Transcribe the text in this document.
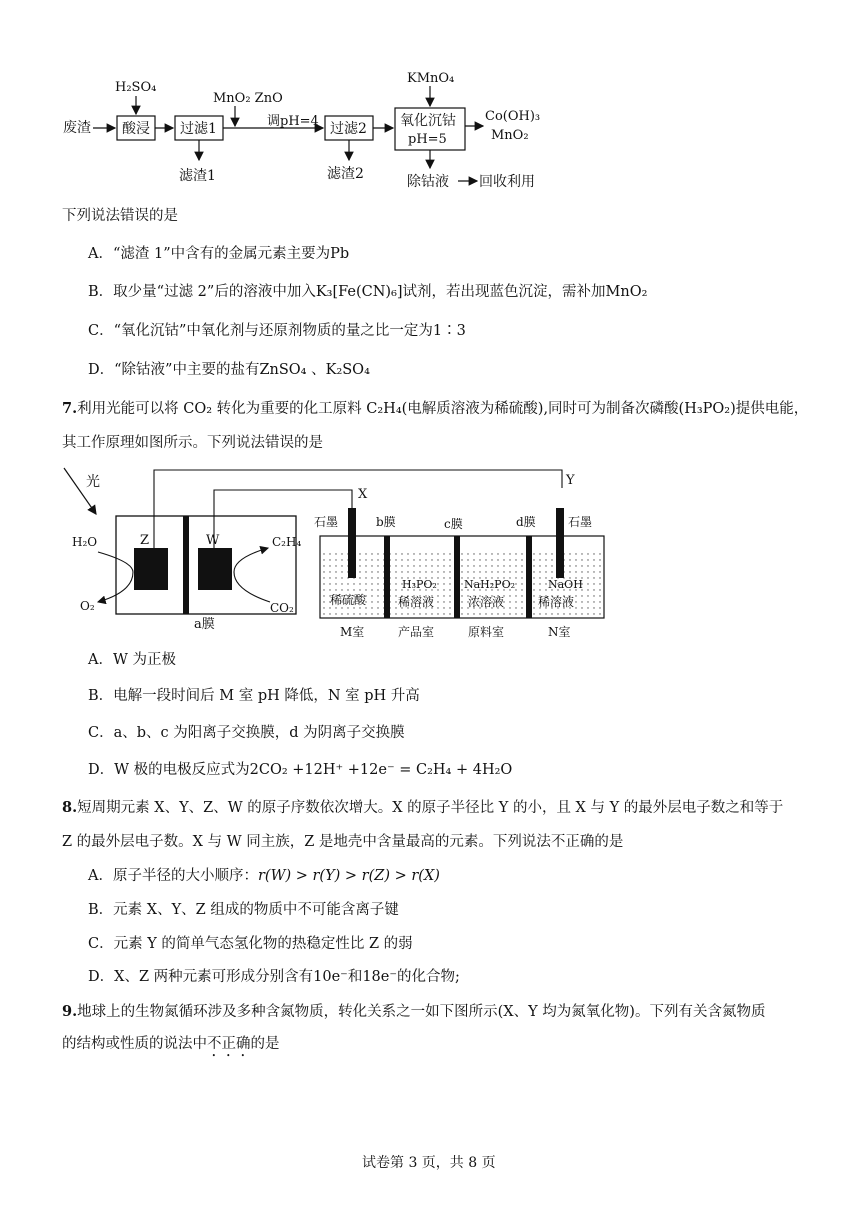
废渣 酸浸
H₂SO₄
过滤1
滤渣1
MnO₂ ZnO
调pH=4 过滤2
滤渣2
氧化沉钴
pH=5
KMnO₄
Co(OH)₃
MnO₂
除钴液 回收利用
下列说法错误的是
A．“滤渣 1”中含有的金属元素主要为Pb
B．取少量“过滤 2”后的溶液中加入K₃[Fe(CN)₆]试剂，若出现蓝色沉淀，需补加MnO₂
C．“氧化沉钴”中氧化剂与还原剂物质的量之比一定为1∶3
D．“除钴液”中主要的盐有ZnSO₄ 、K₂SO₄
7.利用光能可以将 CO₂ 转化为重要的化工原料 C₂H₄(电解质溶液为稀硫酸),同时可为制备次磷酸(H₃PO₂)提供电能，
其工作原理如图所示。下列说法错误的是
光
a膜
Z	W
H₂O
O₂
C₂H₄
CO₂
X
Y
石墨	石墨
b膜	c膜	d膜
稀硫酸
H₃PO₂
稀溶液
NaH₂PO₂
浓溶液
NaOH
稀溶液
M室	产品室	原料室	N室
A．W 为正极
B．电解一段时间后 M 室 pH 降低，N 室 pH 升高
C．a、b、c 为阳离子交换膜，d 为阴离子交换膜
D．W 极的电极反应式为2CO₂ +12H⁺ +12e⁻ = C₂H₄ + 4H₂O
8.短周期元素 X、Y、Z、W 的原子序数依次增大。X 的原子半径比 Y 的小，且 X 与 Y 的最外层电子数之和等于
Z 的最外层电子数。X 与 W 同主族，Z 是地壳中含量最高的元素。下列说法不正确的是
A．原子半径的大小顺序：r(W) > r(Y) > r(Z) > r(X)
B．元素 X、Y、Z 组成的物质中不可能含离子键
C．元素 Y 的简单气态氢化物的热稳定性比 Z 的弱
D．X、Z 两种元素可形成分别含有10e⁻和18e⁻的化合物;
9.地球上的生物氮循环涉及多种含氮物质，转化关系之一如下图所示(X、Y 均为氮氧化物)。下列有关含氮物质
的结构或性质的说法中不正确的是
试卷第 3 页，共 8 页
